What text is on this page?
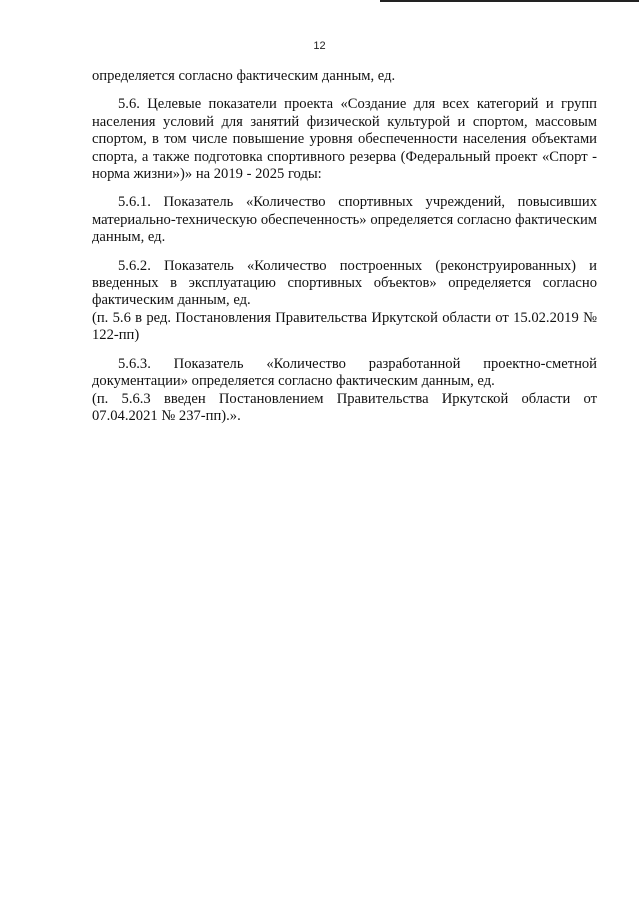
12

определяется согласно фактическим данным, ед.

5.6. Целевые показатели проекта «Создание для всех категорий и групп населения условий для занятий физической культурой и спортом, массовым спортом, в том числе повышение уровня обеспеченности населения объектами спорта, а также подготовка спортивного резерва (Федеральный проект «Спорт - норма жизни»)» на 2019 - 2025 годы:

5.6.1. Показатель «Количество спортивных учреждений, повысивших материально-техническую обеспеченность» определяется согласно фактическим данным, ед.

5.6.2. Показатель «Количество построенных (реконструированных) и введенных в эксплуатацию спортивных объектов» определяется согласно фактическим данным, ед.

(п. 5.6 в ред. Постановления Правительства Иркутской области от 15.02.2019 № 122-пп)

5.6.3. Показатель «Количество разработанной проектно-сметной документации» определяется согласно фактическим данным, ед.

(п. 5.6.3 введен Постановлением Правительства Иркутской области от 07.04.2021 № 237-пп).».
